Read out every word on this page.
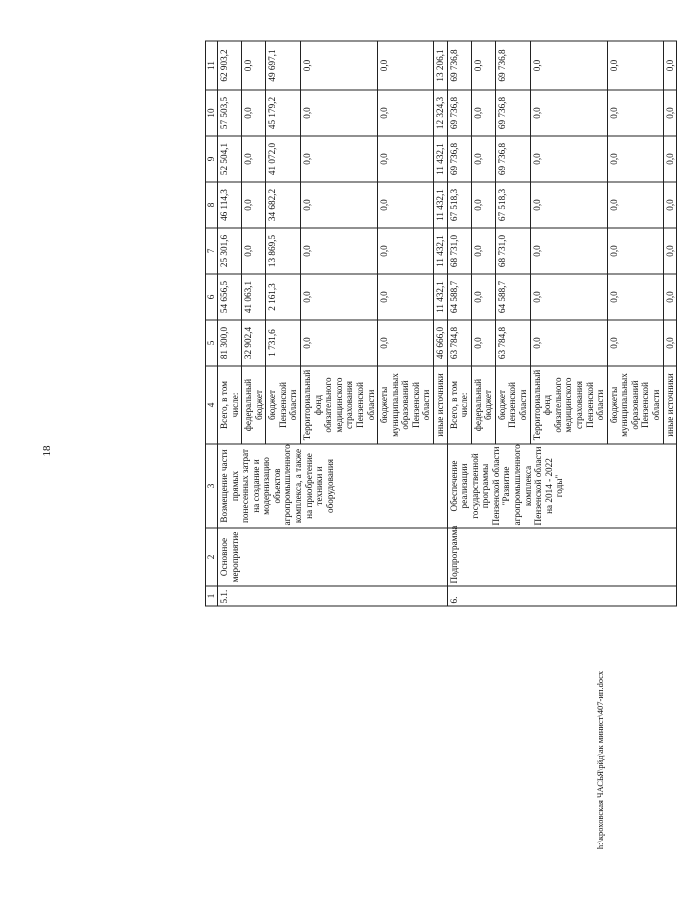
18
1	2	3	4	5	6	7	8	9	10	11
5.1.	Основное мероприятие	Возмещение части прямых понесенных затрат на создание и модернизацию объектов агропромышленного комплекса, а также на приобретение техники и оборудования	Всего, в том числе:	81 300,0	54 656,5	25 301,6	46 114,3	52 504,1	57 503,5	62 903,2
			федеральный бюджет	32 902,4	41 063,1	0,0	0,0	0,0	0,0	0,0
			бюджет Пензенской области	1 731,6	2 161,3	13 869,5	34 682,2	41 072,0	45 179,2	49 697,1
			Территориальный фонд обязательного медицинского страхования Пензенской области	0,0	0,0	0,0	0,0	0,0	0,0	0,0
			бюджеты муниципальных образований Пензенской области	0,0	0,0	0,0	0,0	0,0	0,0	0,0
			иные источники	46 666,0	11 432,1	11 432,1	11 432,1	11 432,1	12 324,3	13 206,1
6.	Подпрограмма	Обеспечение реализации государственной программы Пензенской области "Развитие агропромышленного комплекса Пензенской области на 2014 - 2022 годы"	Всего, в том числе:	63 784,8	64 588,7	68 731,0	67 518,3	69 736,8	69 736,8	69 736,8
			федеральный бюджет	0,0	0,0	0,0	0,0	0,0	0,0	0,0
			бюджет Пензенской области	63 784,8	64 588,7	68 731,0	67 518,3	69 736,8	69 736,8	69 736,8
			Территориальный фонд обязательного медицинского страхования Пензенской области	0,0	0,0	0,0	0,0	0,0	0,0	0,0
			бюджеты муниципальных образований Пензенской области	0,0	0,0	0,0	0,0	0,0	0,0	0,0
			иные источники	0,0	0,0	0,0	0,0	0,0	0,0	0,0
h:\кроховская ЧАСЬЯ\рйд\ак минист\407-ип.docx
